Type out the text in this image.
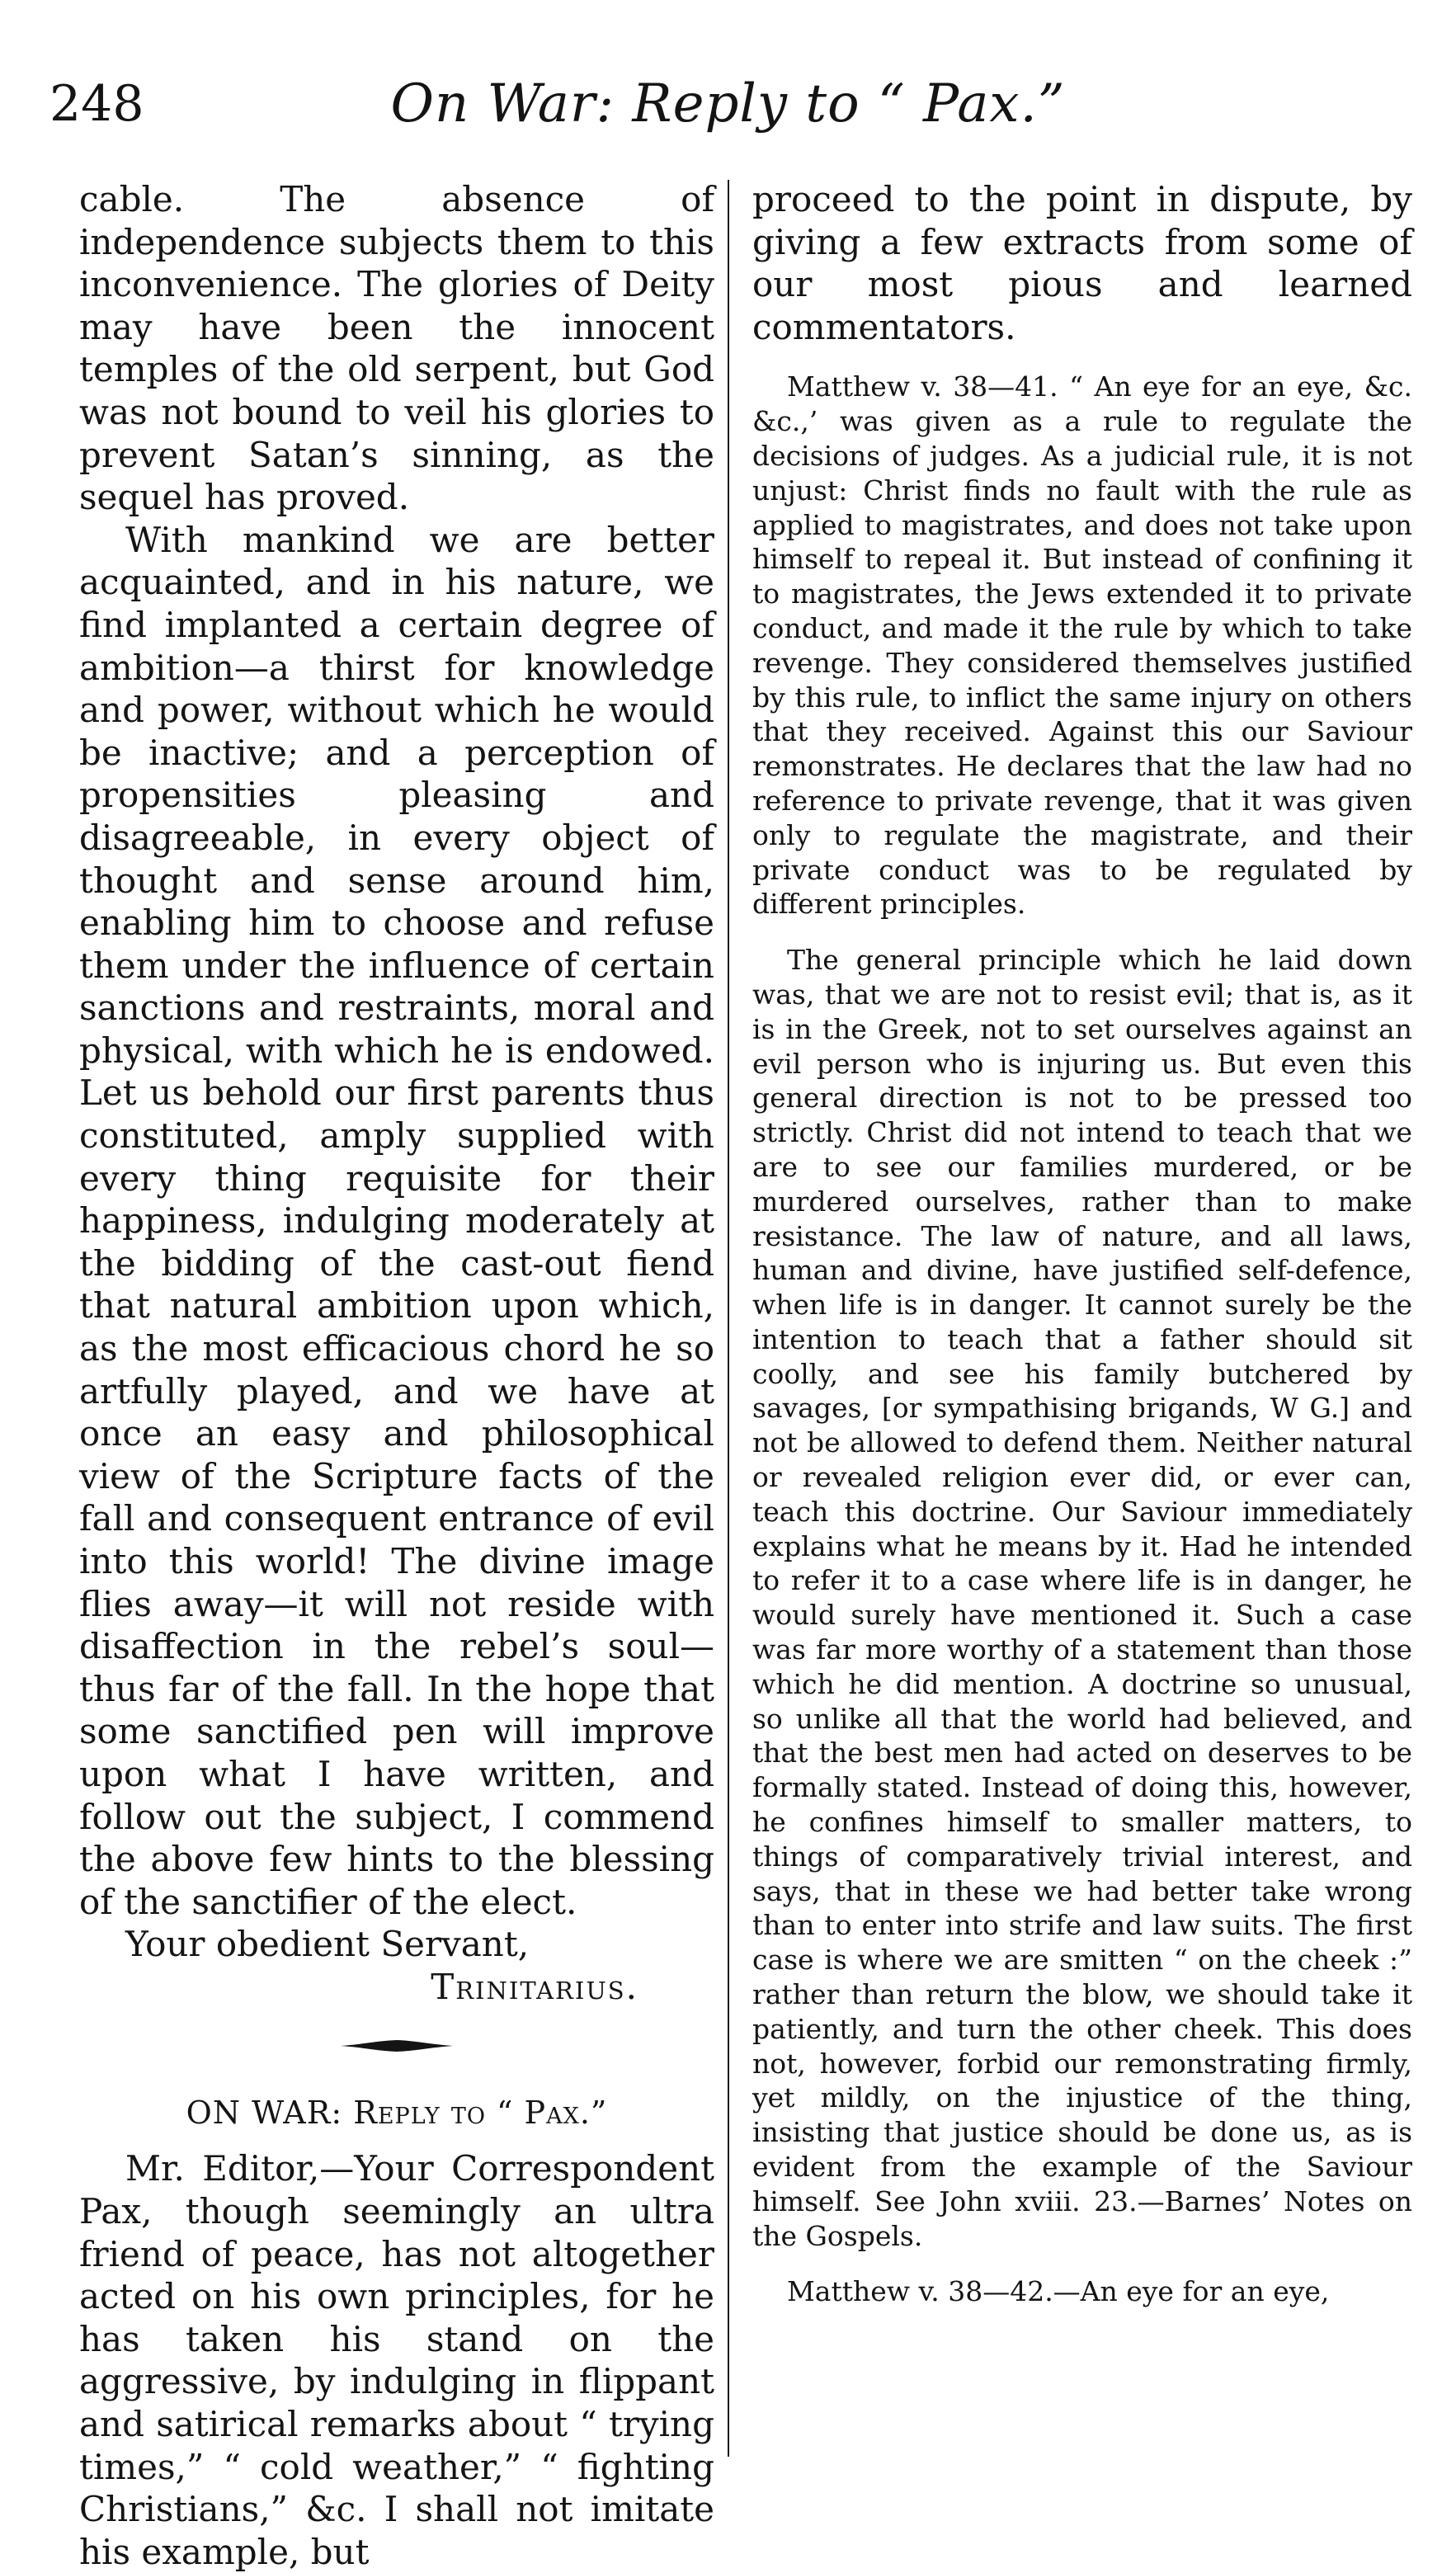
248	On War: Reply to “ Pax.”

cable. The absence of independence subjects them to this inconvenience. The glories of Deity may have been the innocent temples of the old serpent, but God was not bound to veil his glories to prevent Satan’s sinning, as the sequel has proved.

With mankind we are better acquainted, and in his nature, we find implanted a certain degree of ambition—a thirst for knowledge and power, without which he would be inactive; and a perception of propensities pleasing and disagreeable, in every object of thought and sense around him, enabling him to choose and refuse them under the influence of certain sanctions and restraints, moral and physical, with which he is endowed. Let us behold our first parents thus constituted, amply supplied with every thing requisite for their happiness, indulging moderately at the bidding of the cast-out fiend that natural ambition upon which, as the most efficacious chord he so artfully played, and we have at once an easy and philosophical view of the Scripture facts of the fall and consequent entrance of evil into this world! The divine image flies away—it will not reside with disaffection in the rebel’s soul—thus far of the fall. In the hope that some sanctified pen will improve upon what I have written, and follow out the subject, I commend the above few hints to the blessing of the sanctifier of the elect.

Your obedient Servant,
Trinitarius.
ON WAR: Reply to “ Pax.”

Mr. Editor,—Your Correspondent Pax, though seemingly an ultra friend of peace, has not altogether acted on his own principles, for he has taken his stand on the aggressive, by indulging in flippant and satirical remarks about “ trying times,” “ cold weather,” “ fighting Christians,” &c. I shall not imitate his example, but

proceed to the point in dispute, by giving a few extracts from some of our most pious and learned commentators.

Matthew v. 38—41. “ An eye for an eye, &c. &c.,’ was given as a rule to regulate the decisions of judges. As a judicial rule, it is not unjust: Christ finds no fault with the rule as applied to magistrates, and does not take upon himself to repeal it. But instead of confining it to magistrates, the Jews extended it to private conduct, and made it the rule by which to take revenge. They considered themselves justified by this rule, to inflict the same injury on others that they received. Against this our Saviour remonstrates. He declares that the law had no reference to private revenge, that it was given only to regulate the magistrate, and their private conduct was to be regulated by different principles.

The general principle which he laid down was, that we are not to resist evil; that is, as it is in the Greek, not to set ourselves against an evil person who is injuring us. But even this general direction is not to be pressed too strictly. Christ did not intend to teach that we are to see our families murdered, or be murdered ourselves, rather than to make resistance. The law of nature, and all laws, human and divine, have justified self-defence, when life is in danger. It cannot surely be the intention to teach that a father should sit coolly, and see his family butchered by savages, [or sympathising brigands, W G.] and not be allowed to defend them. Neither natural or revealed religion ever did, or ever can, teach this doctrine. Our Saviour immediately explains what he means by it. Had he intended to refer it to a case where life is in danger, he would surely have mentioned it. Such a case was far more worthy of a statement than those which he did mention. A doctrine so unusual, so unlike all that the world had believed, and that the best men had acted on deserves to be formally stated. Instead of doing this, however, he confines himself to smaller matters, to things of comparatively trivial interest, and says, that in these we had better take wrong than to enter into strife and law suits. The first case is where we are smitten “ on the cheek :” rather than return the blow, we should take it patiently, and turn the other cheek. This does not, however, forbid our remonstrating firmly, yet mildly, on the injustice of the thing, insisting that justice should be done us, as is evident from the example of the Saviour himself. See John xviii. 23.—Barnes’ Notes on the Gospels.

Matthew v. 38—42.—An eye for an eye,
